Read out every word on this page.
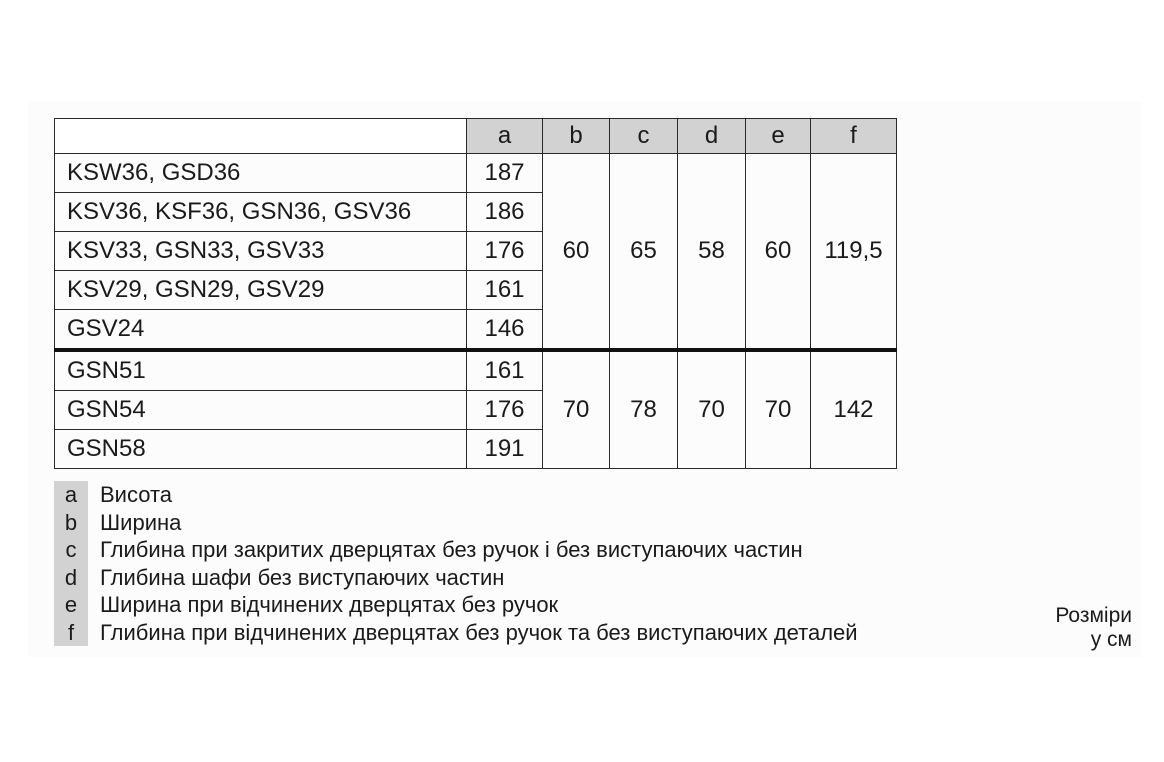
	a	b	c	d	e	f
KSW36, GSD36	187	60	65	58	60	119,5
KSV36, KSF36, GSN36, GSV36	186					
KSV33, GSN33, GSV33	176					
KSV29, GSN29, GSV29	161					
GSV24	146					
GSN51	161	70	78	70	70	142
GSN54	176					
GSN58	191					
a	Висота
b	Ширина
c	Глибина при закритих дверцятах без ручок і без виступаючих частин
d	Глибина шафи без виступаючих частин
e	Ширина при відчинених дверцятах без ручок
f	Глибина при відчинених дверцятах без ручок та без виступаючих деталей
Розміри
у см
